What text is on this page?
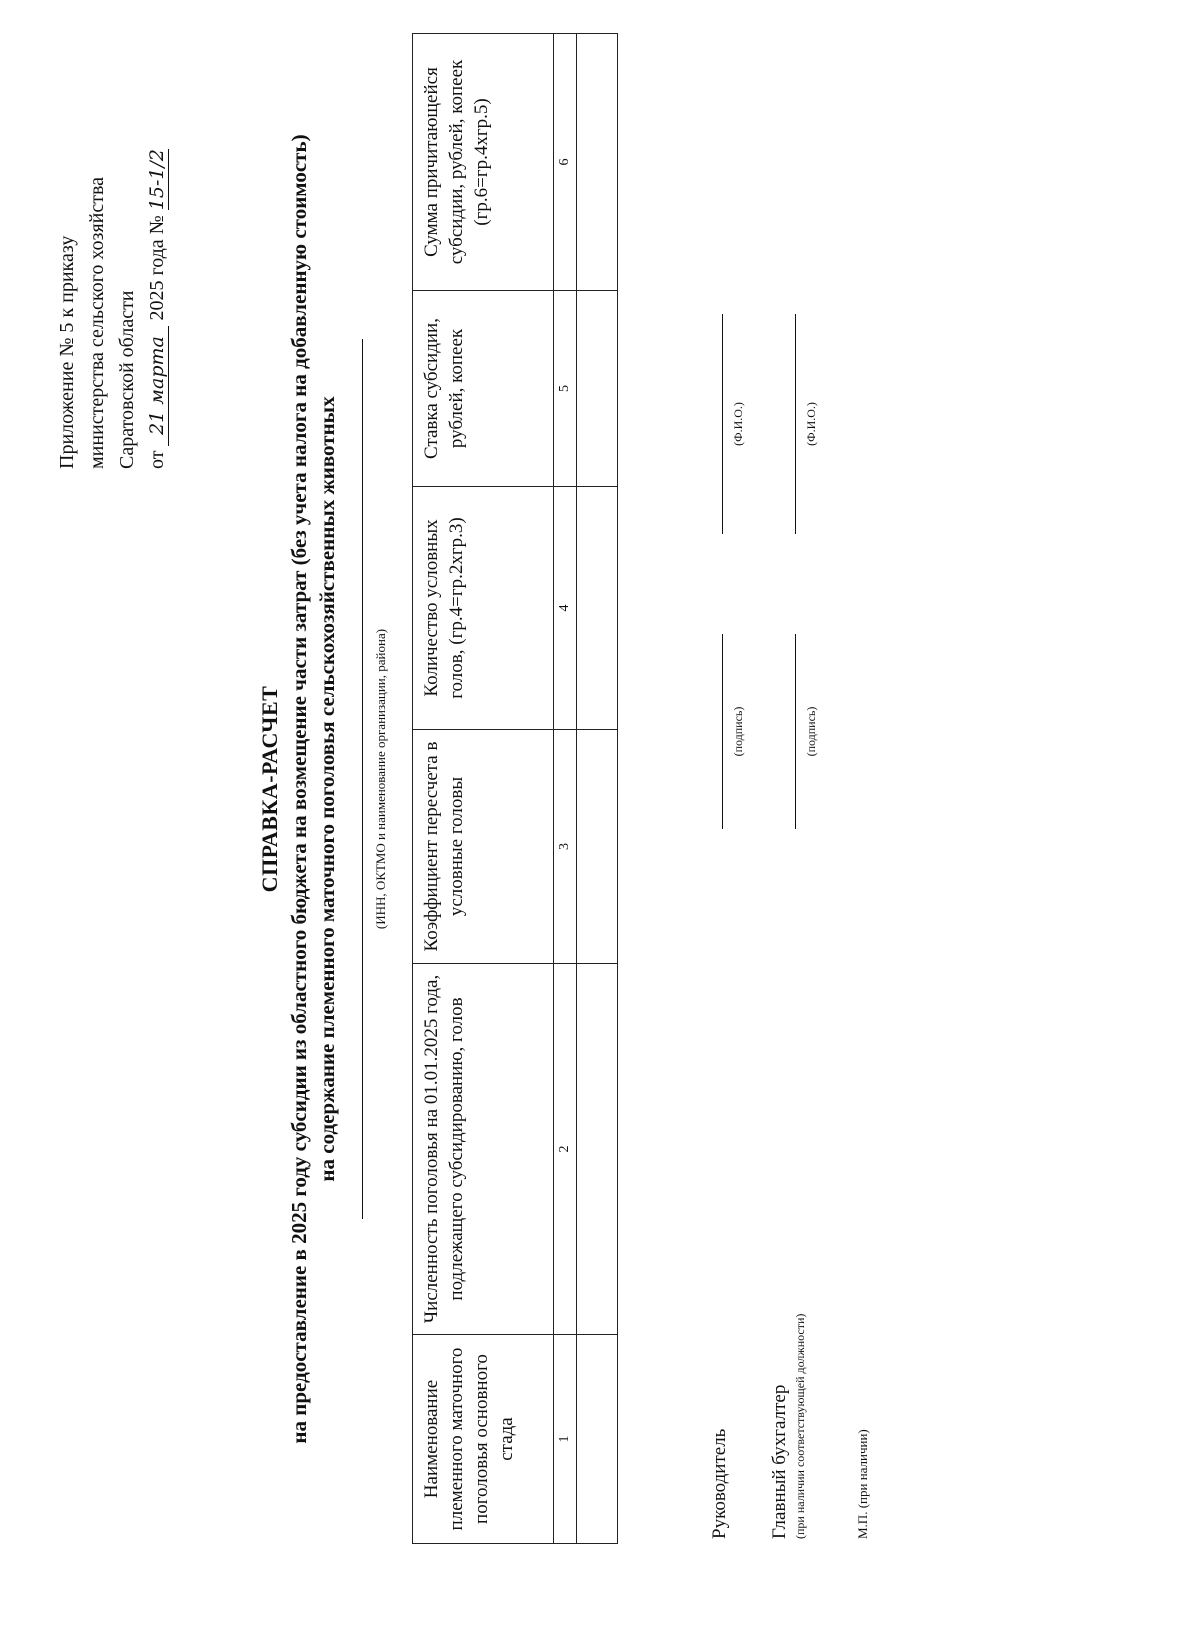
Приложение № 5 к приказу министерства сельского хозяйства Саратовской области от 21 марта 2025 года № 15-1/2

СПРАВКА-РАСЧЕТ на предоставление в 2025 году субсидии из областного бюджета на возмещение части затрат (без учета налога на добавленную стоимость) на содержание племенного маточного поголовья сельскохозяйственных животных	(ИНН, ОКТМО и наименование организации, района)
Наименование племенного маточного поголовья основного стада	Численность поголовья на 01.01.2025 года, подлежащего субсидированию, голов	Коэффициент пересчета в условные головы	Количество условных голов, (гр.4=гр.2хгр.3)	Ставка субсидии, рублей, копеек	Сумма причитающейся субсидии, рублей, копеек (гр.6=гр.4хгр.5)
1	2	3	4	5	6

Руководитель
(подпись)
(Ф.И.О.)
Главный бухгалтер (при наличии соответствующей должности)
(подпись)
(Ф.И.О.)
М.П. (при наличии)
